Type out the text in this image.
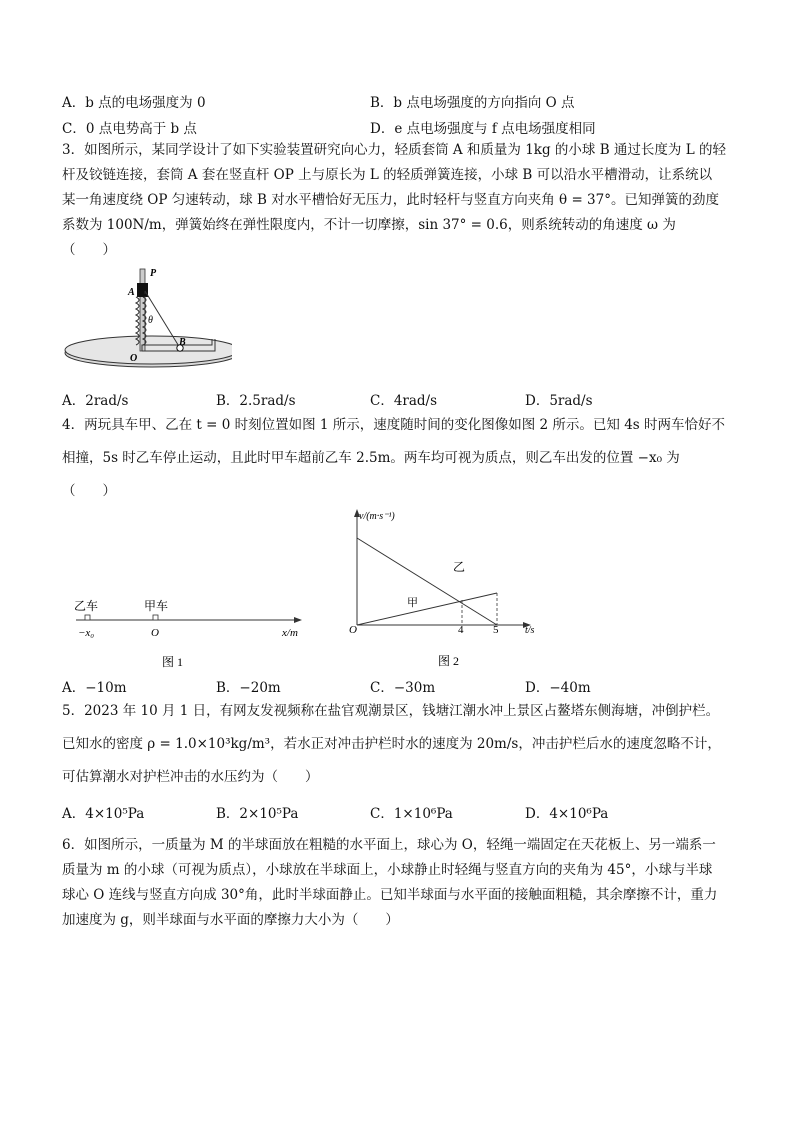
A．b 点的电场强度为 0	B．b 点电场强度的方向指向 O 点
C．0 点电势高于 b 点	D．e 点电场强度与 f 点电场强度相同
3．如图所示，某同学设计了如下实验装置研究向心力，轻质套筒 A 和质量为 1kg 的小球 B 通过长度为 L 的轻
杆及铰链连接，套筒 A 套在竖直杆 OP 上与原长为 L 的轻质弹簧连接，小球 B 可以沿水平槽滑动，让系统以
某一角速度绕 OP 匀速转动，球 B 对水平槽恰好无压力，此时轻杆与竖直方向夹角 θ = 37°。已知弹簧的劲度
系数为 100N/m，弹簧始终在弹性限度内，不计一切摩擦，sin 37° = 0.6，则系统转动的角速度 ω 为
（　　）
P
A
θ
B
O
A．2rad/s	B．2.5rad/s	C．4rad/s	D．5rad/s
4．两玩具车甲、乙在 t = 0 时刻位置如图 1 所示，速度随时间的变化图像如图 2 所示。已知 4s 时两车恰好不
相撞，5s 时乙车停止运动，且此时甲车超前乙车 2.5m。两车均可视为质点，则乙车出发的位置 −x₀ 为
（　　）
乙车	甲车
−x₀	O	x/m
图 1
v/(m·s⁻¹)
t/s
O	4	5
乙
甲
图 2
A．−10m	B．−20m	C．−30m	D．−40m
5．2023 年 10 月 1 日，有网友发视频称在盐官观潮景区，钱塘江潮水冲上景区占鳌塔东侧海塘，冲倒护栏。
已知水的密度 ρ = 1.0×10³kg/m³，若水正对冲击护栏时水的速度为 20m/s，冲击护栏后水的速度忽略不计，
可估算潮水对护栏冲击的水压约为（　　）
A．4×10⁵Pa	B．2×10⁵Pa	C．1×10⁶Pa	D．4×10⁶Pa
6．如图所示，一质量为 M 的半球面放在粗糙的水平面上，球心为 O，轻绳一端固定在天花板上、另一端系一
质量为 m 的小球（可视为质点），小球放在半球面上，小球静止时轻绳与竖直方向的夹角为 45°，小球与半球
球心 O 连线与竖直方向成 30°角，此时半球面静止。已知半球面与水平面的接触面粗糙，其余摩擦不计，重力
加速度为 g，则半球面与水平面的摩擦力大小为（　　）
